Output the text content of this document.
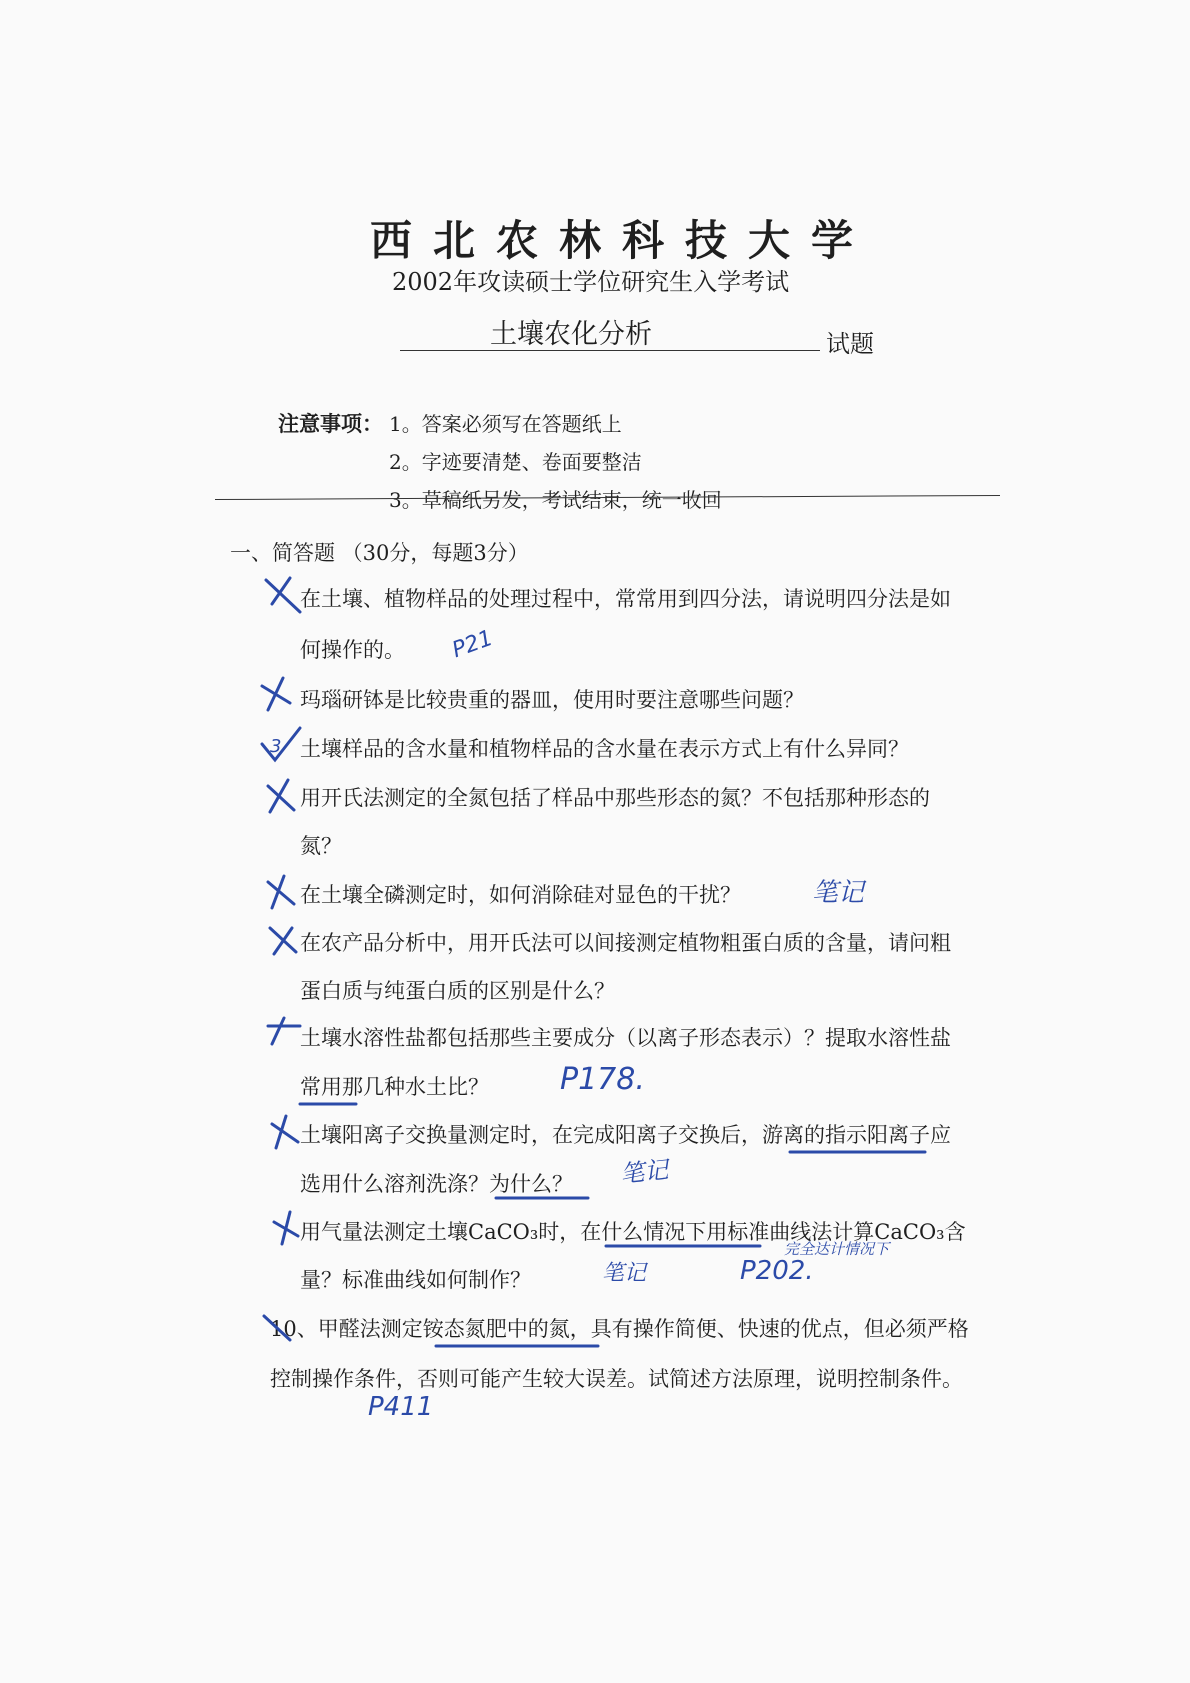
西北农林科技大学
2002年攻读硕士学位研究生入学考试
土壤农化分析	试题
注意事项： 1。答案必须写在答题纸上
2。字迹要清楚、卷面要整洁
3。草稿纸另发，考试结束，统一收回
一、简答题 （30分，每题3分）
在土壤、植物样品的处理过程中，常常用到四分法，请说明四分法是如
何操作的。
玛瑙研钵是比较贵重的器皿，使用时要注意哪些问题？
土壤样品的含水量和植物样品的含水量在表示方式上有什么异同？
用开氏法测定的全氮包括了样品中那些形态的氮？不包括那种形态的
氮？
在土壤全磷测定时，如何消除硅对显色的干扰？
在农产品分析中，用开氏法可以间接测定植物粗蛋白质的含量，请问粗
蛋白质与纯蛋白质的区别是什么？
土壤水溶性盐都包括那些主要成分（以离子形态表示）？提取水溶性盐
常用那几种水土比？
土壤阳离子交换量测定时，在完成阳离子交换后，游离的指示阳离子应
选用什么溶剂洗涤？为什么？
用气量法测定土壤CaCO₃时，在什么情况下用标准曲线法计算CaCO₃含
量？标准曲线如何制作？
10、甲醛法测定铵态氮肥中的氮，具有操作简便、快速的优点，但必须严格
控制操作条件，否则可能产生较大误差。试简述方法原理，说明控制条件。
P21
笔记
P178.
笔记
笔记	P202.
完全达计情况下
P411
3
